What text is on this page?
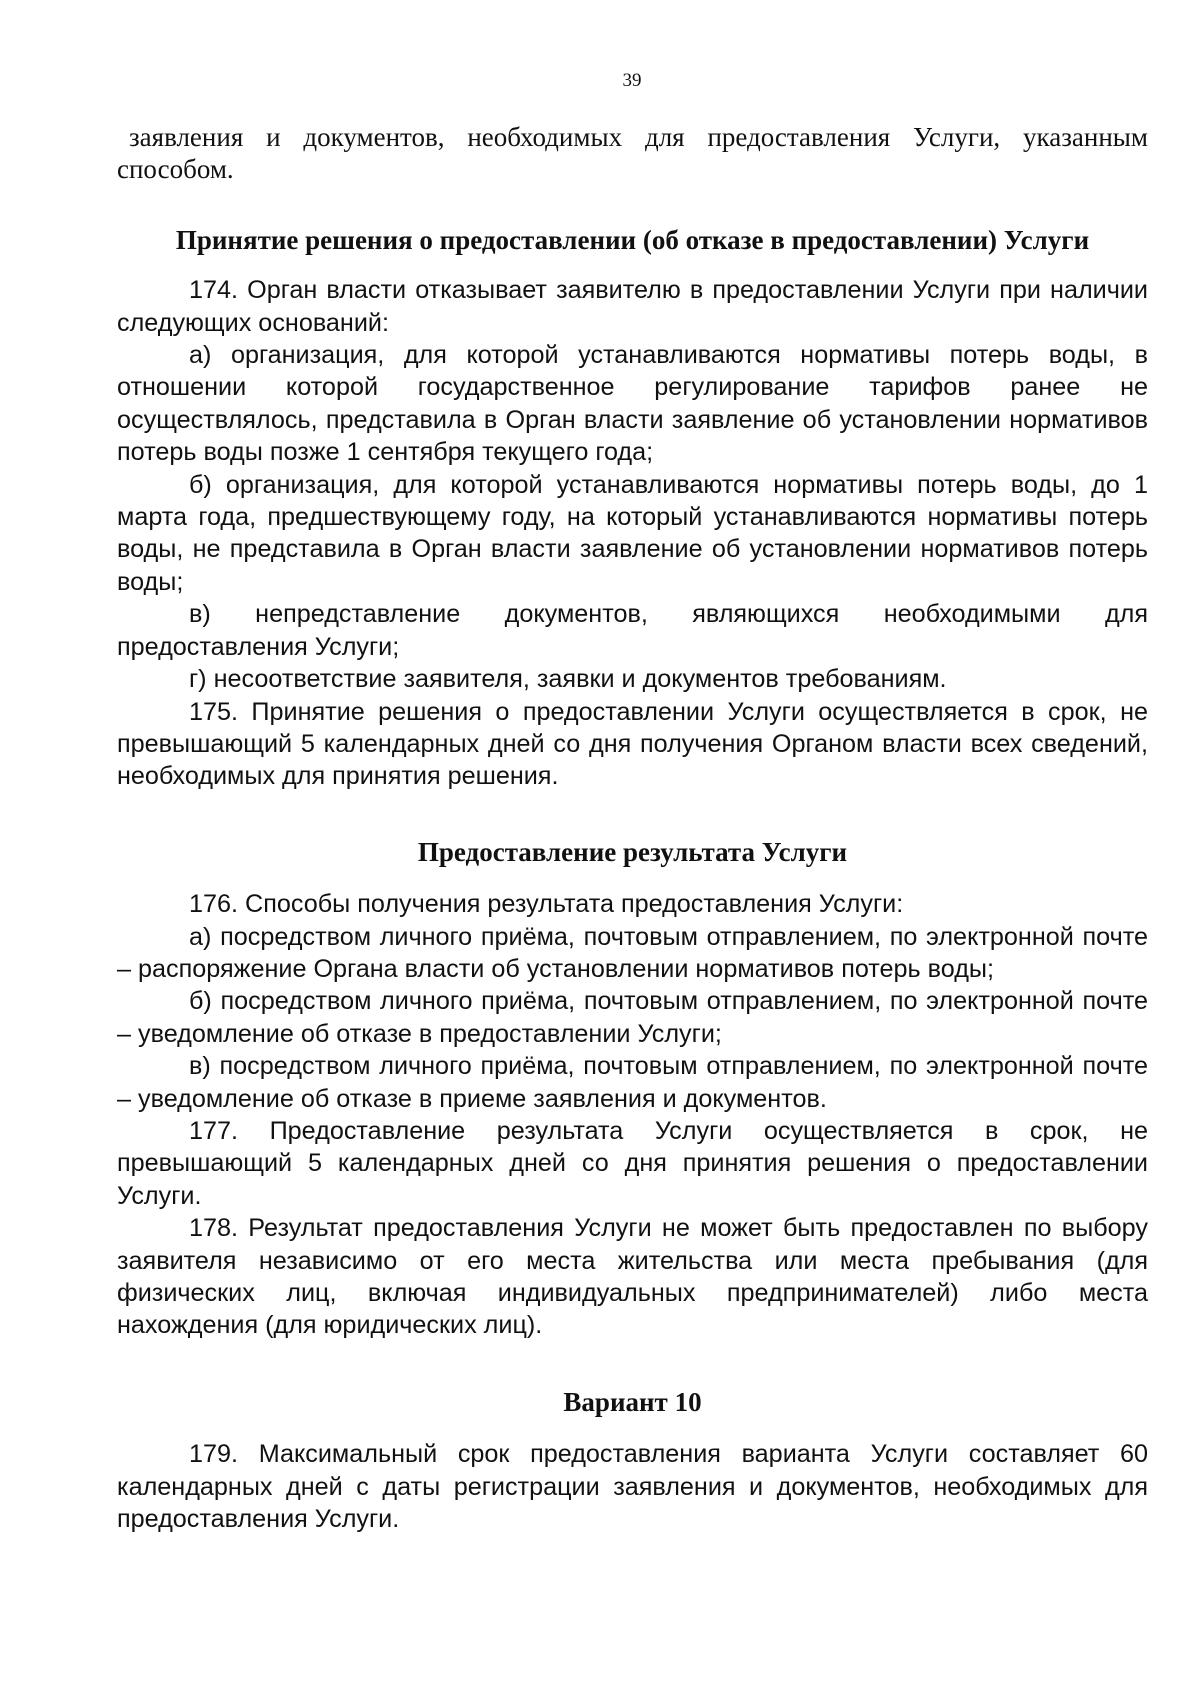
39

заявления и документов, необходимых для предоставления Услуги, указанным способом.

Принятие решения о предоставлении (об отказе в предоставлении) Услуги

174. Орган власти отказывает заявителю в предоставлении Услуги при наличии следующих оснований:

а) организация, для которой устанавливаются нормативы потерь воды, в отношении которой государственное регулирование тарифов ранее не осуществлялось, представила в Орган власти заявление об установлении нормативов потерь воды позже 1 сентября текущего года;

б) организация, для которой устанавливаются нормативы потерь воды, до 1 марта года, предшествующему году, на который устанавливаются нормативы потерь воды, не представила в Орган власти заявление об установлении нормативов потерь воды;

в) непредставление документов, являющихся необходимыми для предоставления Услуги;

г) несоответствие заявителя, заявки и документов требованиям.

175. Принятие решения о предоставлении Услуги осуществляется в срок, не превышающий 5 календарных дней со дня получения Органом власти всех сведений, необходимых для принятия решения.

Предоставление результата Услуги

176. Способы получения результата предоставления Услуги:

а) посредством личного приёма, почтовым отправлением, по электронной почте – распоряжение Органа власти об установлении нормативов потерь воды;

б) посредством личного приёма, почтовым отправлением, по электронной почте – уведомление об отказе в предоставлении Услуги;

в) посредством личного приёма, почтовым отправлением, по электронной почте – уведомление об отказе в приеме заявления и документов.

177. Предоставление результата Услуги осуществляется в срок, не превышающий 5 календарных дней со дня принятия решения о предоставлении Услуги.

178. Результат предоставления Услуги не может быть предоставлен по выбору заявителя независимо от его места жительства или места пребывания (для физических лиц, включая индивидуальных предпринимателей) либо места нахождения (для юридических лиц).

Вариант 10

179. Максимальный срок предоставления варианта Услуги составляет 60 календарных дней с даты регистрации заявления и документов, необходимых для предоставления Услуги.
